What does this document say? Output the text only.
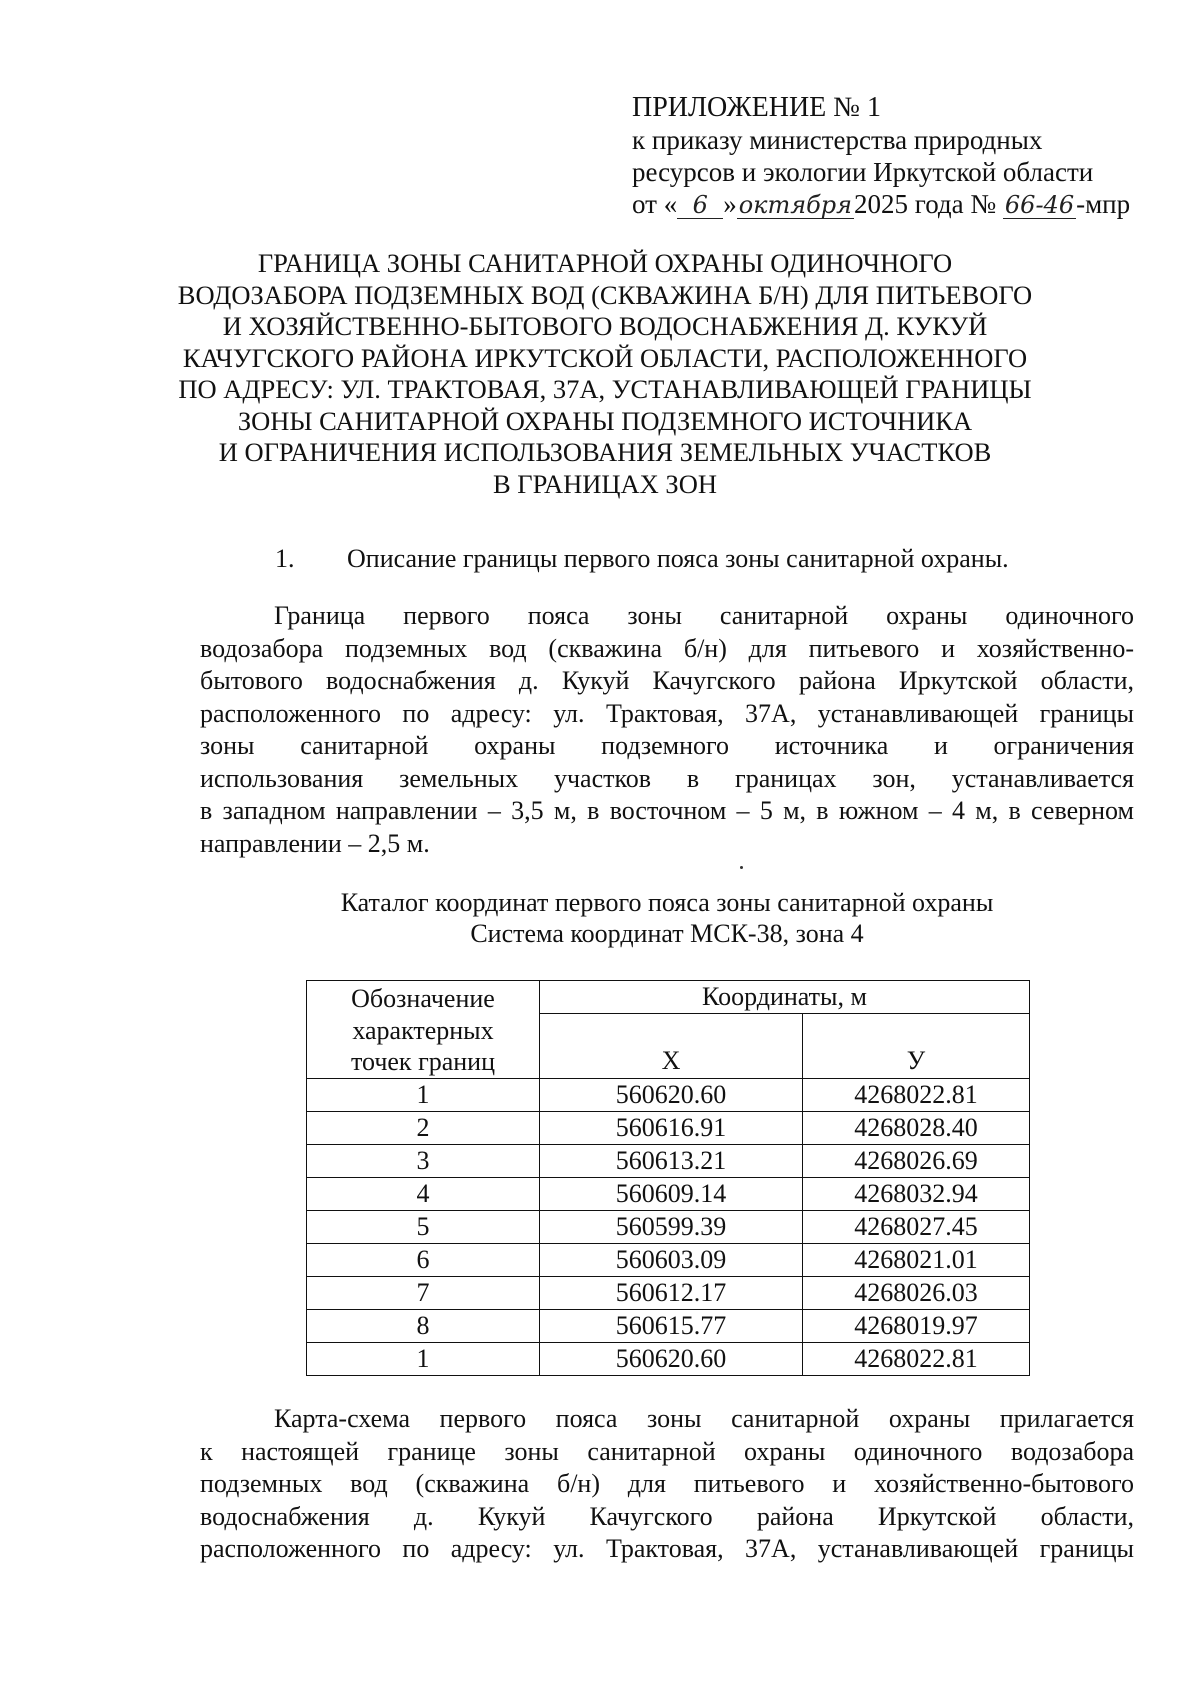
ПРИЛОЖЕНИЕ № 1
к приказу министерства природных
ресурсов и экологии Иркутской области
от « 6 »октября2025 года № 66-46-мпр
ГРАНИЦА ЗОНЫ САНИТАРНОЙ ОХРАНЫ ОДИНОЧНОГО
ВОДОЗАБОРА ПОДЗЕМНЫХ ВОД (СКВАЖИНА Б/Н) ДЛЯ ПИТЬЕВОГО
И ХОЗЯЙСТВЕННО-БЫТОВОГО ВОДОСНАБЖЕНИЯ Д. КУКУЙ
КАЧУГСКОГО РАЙОНА ИРКУТСКОЙ ОБЛАСТИ, РАСПОЛОЖЕННОГО
ПО АДРЕСУ: УЛ. ТРАКТОВАЯ, 37А, УСТАНАВЛИВАЮЩЕЙ ГРАНИЦЫ
ЗОНЫ САНИТАРНОЙ ОХРАНЫ ПОДЗЕМНОГО ИСТОЧНИКА
И ОГРАНИЧЕНИЯ ИСПОЛЬЗОВАНИЯ ЗЕМЕЛЬНЫХ УЧАСТКОВ
В ГРАНИЦАХ ЗОН
1. Описание границы первого пояса зоны санитарной охраны.
Граница первого пояса зоны санитарной охраны одиночного
водозабора подземных вод (скважина б/н) для питьевого и хозяйственно-
бытового водоснабжения д. Кукуй Качугского района Иркутской области,
расположенного по адресу: ул. Трактовая, 37А, устанавливающей границы
зоны санитарной охраны подземного источника и ограничения
использования земельных участков в границах зон, устанавливается
в западном направлении – 3,5 м, в восточном – 5 м, в южном – 4 м, в северном
направлении – 2,5 м.
Каталог координат первого пояса зоны санитарной охраны
Система координат МСК-38, зона 4
Обозначение
характерных
точек границ	Координаты, м	
	X	У
1	560620.60	4268022.81
2	560616.91	4268028.40
3	560613.21	4268026.69
4	560609.14	4268032.94
5	560599.39	4268027.45
6	560603.09	4268021.01
7	560612.17	4268026.03
8	560615.77	4268019.97
1	560620.60	4268022.81
Карта-схема первого пояса зоны санитарной охраны прилагается
к настоящей границе зоны санитарной охраны одиночного водозабора
подземных вод (скважина б/н) для питьевого и хозяйственно-бытового
водоснабжения д. Кукуй Качугского района Иркутской области,
расположенного по адресу: ул. Трактовая, 37А, устанавливающей границы
